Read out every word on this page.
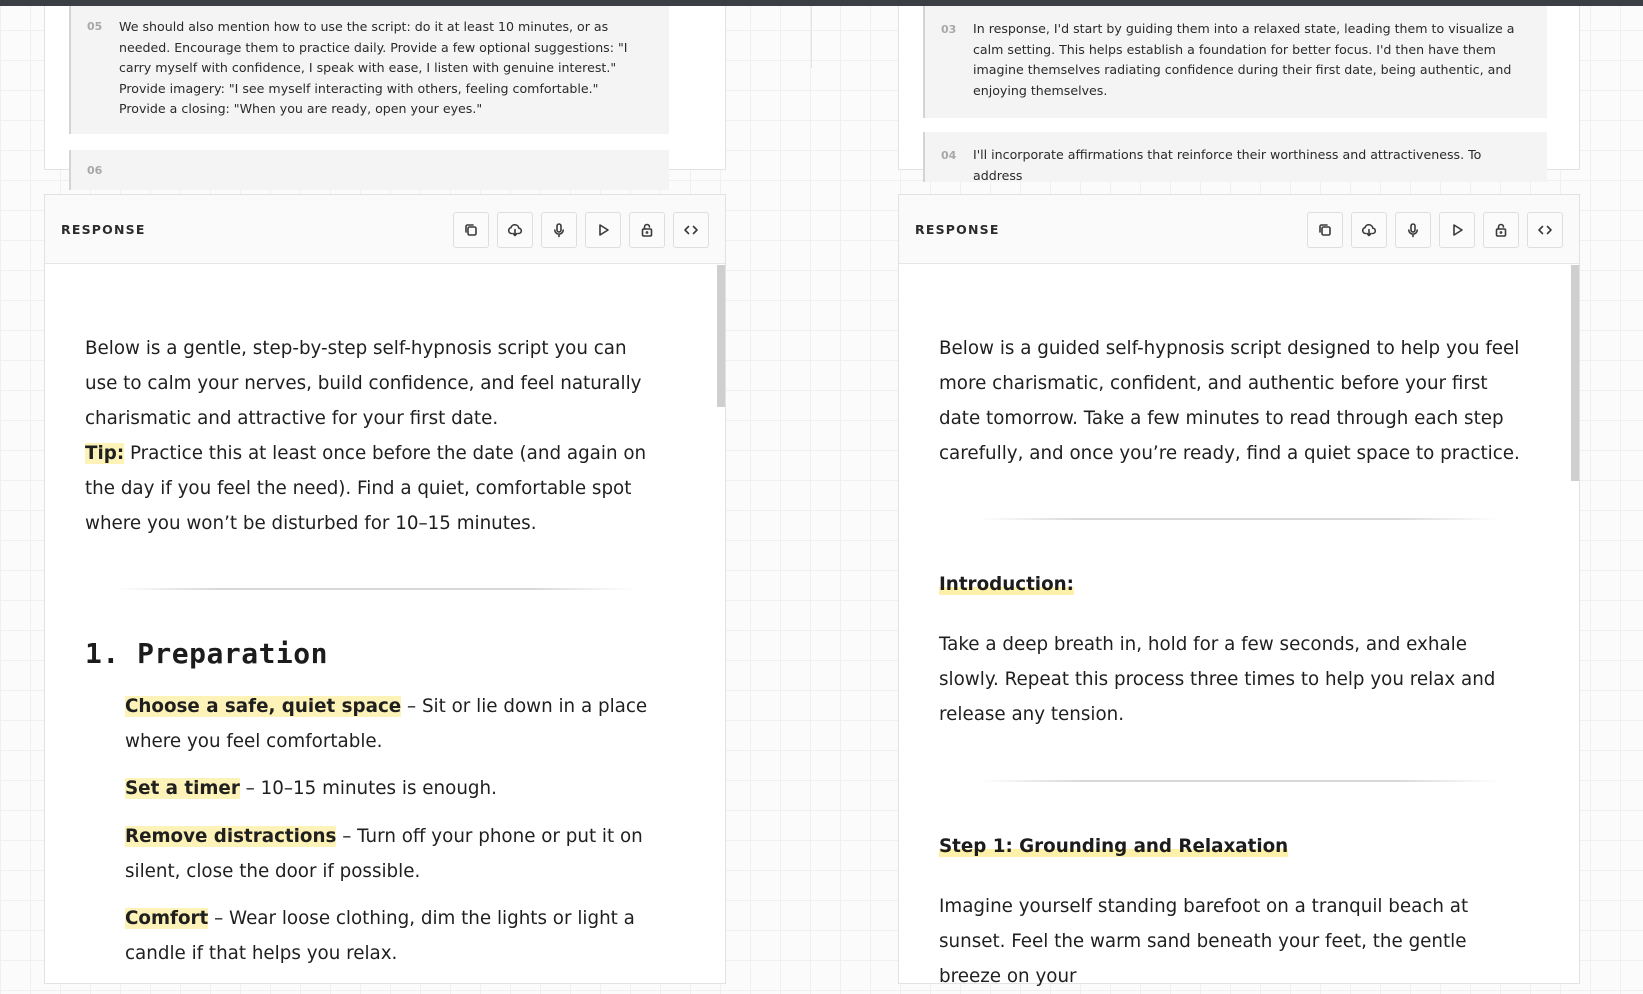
05 We should also mention how to use the script: do it at least 10 minutes, or as needed. Encourage them to practice daily. Provide a few optional suggestions: "I carry myself with confidence, I speak with ease, I listen with genuine interest." Provide imagery: "I see myself interacting with others, feeling comfortable." Provide a closing: "When you are ready, open your eyes."
06
03 In response, I'd start by guiding them into a relaxed state, leading them to visualize a calm setting. This helps establish a foundation for better focus. I'd then have them imagine themselves radiating confidence during their first date, being authentic, and enjoying themselves.
04 I'll incorporate affirmations that reinforce their worthiness and attractiveness. To address
RESPONSE
Below is a gentle, step-by-step self-hypnosis script you can use to calm your nerves, build confidence, and feel naturally charismatic and attractive for your first date.
Tip: Practice this at least once before the date (and again on the day if you feel the need). Find a quiet, comfortable spot where you won’t be disturbed for 10–15 minutes.
1. Preparation
Choose a safe, quiet space – Sit or lie down in a place where you feel comfortable.
Set a timer – 10–15 minutes is enough.
Remove distractions – Turn off your phone or put it on silent, close the door if possible.
Comfort – Wear loose clothing, dim the lights or light a candle if that helps you relax.
RESPONSE
Below is a guided self-hypnosis script designed to help you feel more charismatic, confident, and authentic before your first date tomorrow. Take a few minutes to read through each step carefully, and once you’re ready, find a quiet space to practice.
Introduction:
Take a deep breath in, hold for a few seconds, and exhale slowly. Repeat this process three times to help you relax and release any tension.
Step 1: Grounding and Relaxation
Imagine yourself standing barefoot on a tranquil beach at sunset. Feel the warm sand beneath your feet, the gentle breeze on your
